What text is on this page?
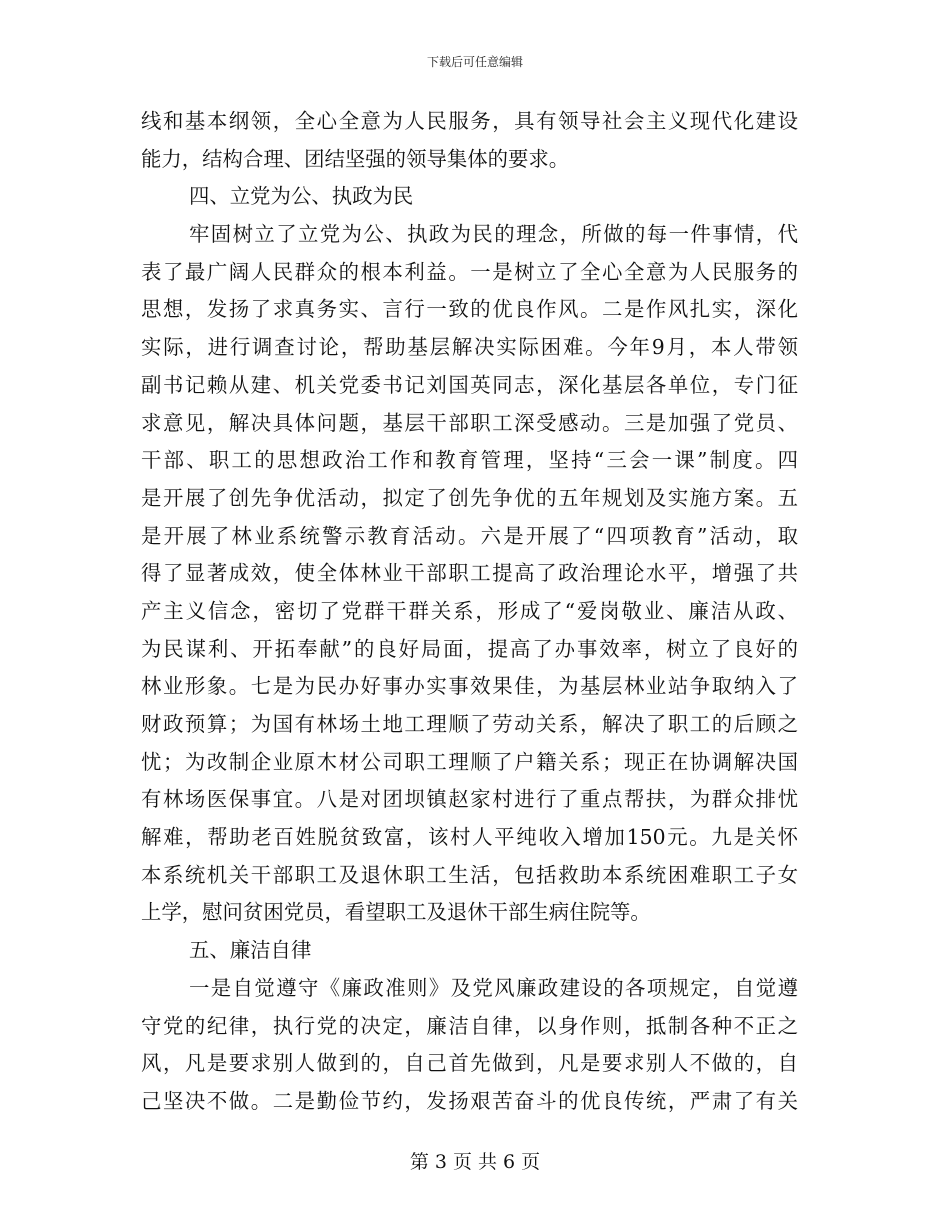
下载后可任意编辑
线和基本纲领，全心全意为人民服务，具有领导社会主义现代化建设
能力，结构合理、团结坚强的领导集体的要求。
四、立党为公、执政为民
牢固树立了立党为公、执政为民的理念，所做的每一件事情，代
表了最广阔人民群众的根本利益。一是树立了全心全意为人民服务的
思想，发扬了求真务实、言行一致的优良作风。二是作风扎实，深化
实际，进行调查讨论，帮助基层解决实际困难。今年9月，本人带领
副书记赖从建、机关党委书记刘国英同志，深化基层各单位，专门征
求意见，解决具体问题，基层干部职工深受感动。三是加强了党员、
干部、职工的思想政治工作和教育管理，坚持“三会一课”制度。四
是开展了创先争优活动，拟定了创先争优的五年规划及实施方案。五
是开展了林业系统警示教育活动。六是开展了“四项教育”活动，取
得了显著成效，使全体林业干部职工提高了政治理论水平，增强了共
产主义信念，密切了党群干群关系，形成了“爱岗敬业、廉洁从政、
为民谋利、开拓奉献”的良好局面，提高了办事效率，树立了良好的
林业形象。七是为民办好事办实事效果佳，为基层林业站争取纳入了
财政预算；为国有林场土地工理顺了劳动关系，解决了职工的后顾之
忧；为改制企业原木材公司职工理顺了户籍关系；现正在协调解决国
有林场医保事宜。八是对团坝镇赵家村进行了重点帮扶，为群众排忧
解难，帮助老百姓脱贫致富，该村人平纯收入增加150元。九是关怀
本系统机关干部职工及退休职工生活，包括救助本系统困难职工子女
上学，慰问贫困党员，看望职工及退休干部生病住院等。
五、廉洁自律
一是自觉遵守《廉政准则》及党风廉政建设的各项规定，自觉遵
守党的纪律，执行党的决定，廉洁自律，以身作则，抵制各种不正之
风，凡是要求别人做到的，自己首先做到，凡是要求别人不做的，自
己坚决不做。二是勤俭节约，发扬艰苦奋斗的优良传统，严肃了有关
第 3 页 共 6 页
